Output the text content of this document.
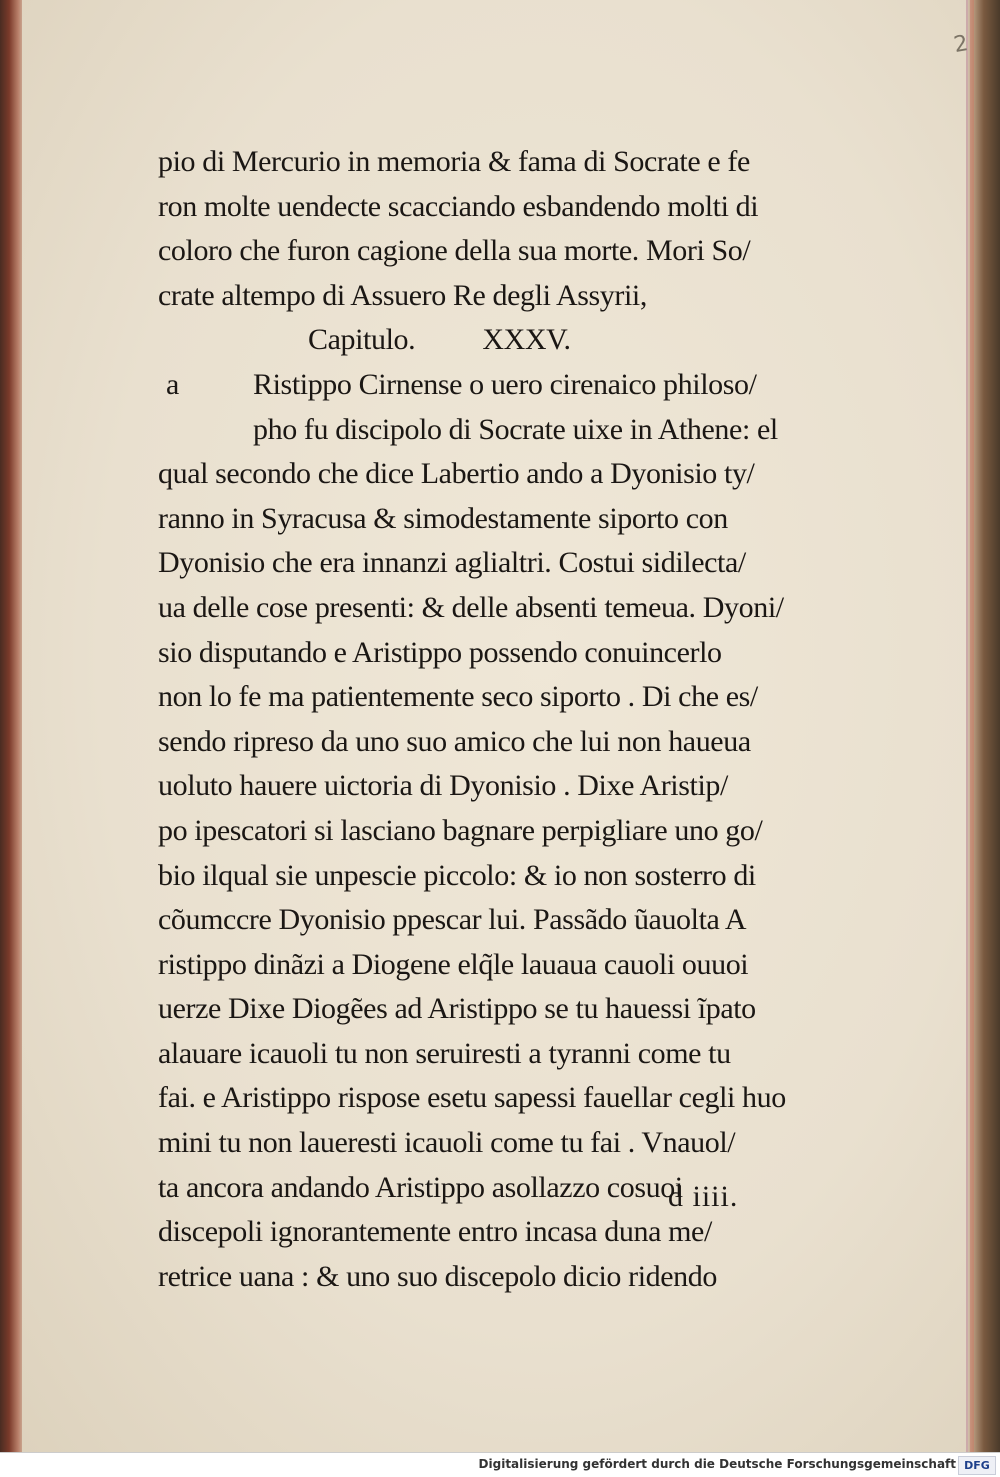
2
pio di Mercurio in memoria & fama di Socrate e fe
ron molte uendecte scacciando esbandendo molti di
coloro che furon cagione della sua morte. Mori So/
crate altempo di Assuero Re degli Assyrii,
Capitulo. XXXV.
a Ristippo Cirnense o uero cirenaico philoso/
pho fu discipolo di Socrate uixe in Athene: el
qual secondo che dice Labertio ando a Dyonisio ty/
ranno in Syracusa & simodestamente siporto con
Dyonisio che era innanzi aglialtri. Costui sidilecta/
ua delle cose presenti: & delle absenti temeua. Dyoni/
sio disputando e Aristippo possendo conuincerlo
non lo fe ma patientemente seco siporto . Di che es/
sendo ripreso da uno suo amico che lui non haueua
uoluto hauere uictoria di Dyonisio . Dixe Aristip/
po ipescatori si lasciano bagnare perpigliare uno go/
bio ilqual sie unpescie piccolo: & io non sosterro di
cõumccre Dyonisio ppescar lui. Passãdo ũauolta A
ristippo dinãzi a Diogene elq̃le lauaua cauoli ouuoi
uerze Dixe Diogẽes ad Aristippo se tu hauessi ĩpato
alauare icauoli tu non seruiresti a tyranni come tu
fai. e Aristippo rispose esetu sapessi fauellar cegli huo
mini tu non laueresti icauoli come tu fai . Vnauol/
ta ancora andando Aristippo asollazzo cosuoi
discepoli ignorantemente entro incasa duna me/
retrice uana : & uno suo discepolo dicio ridendo
d iiii.
Digitalisierung gefördert durch die Deutsche Forschungsgemeinschaft DFG
